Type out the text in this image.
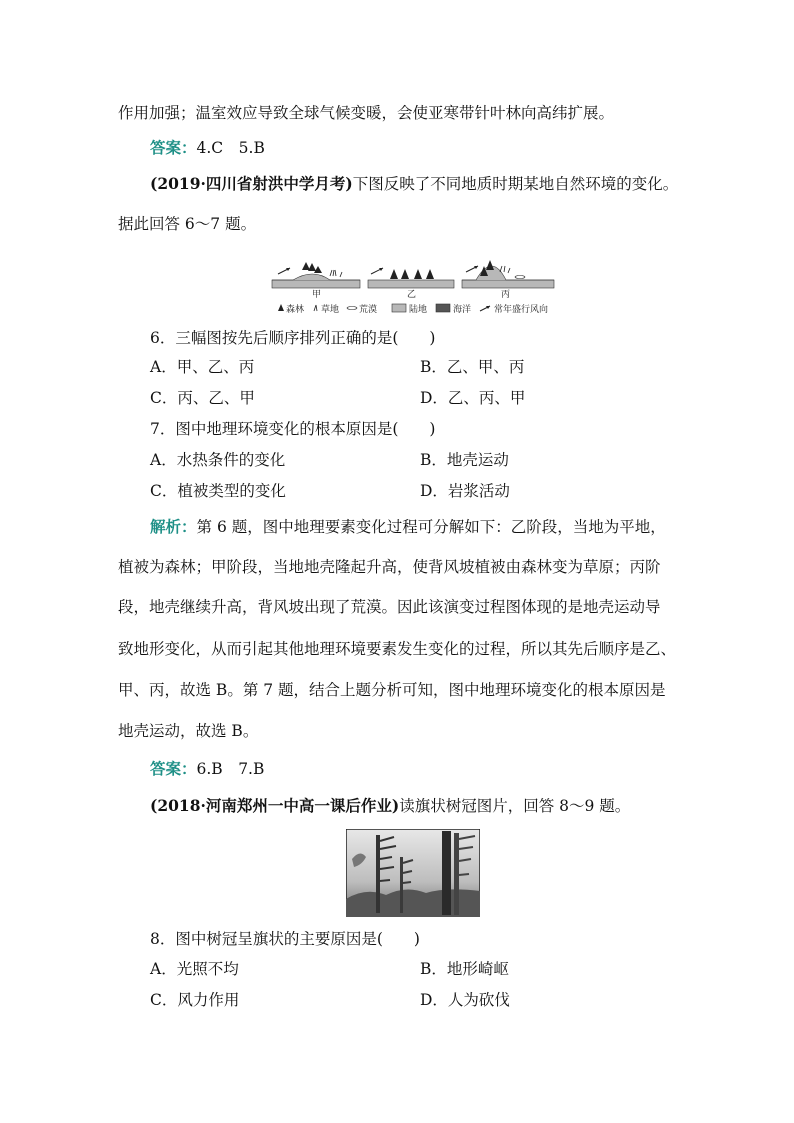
作用加强；温室效应导致全球气候变暖，会使亚寒带针叶林向高纬扩展。
答案：4.C　5.B
(2019·四川省射洪中学月考)下图反映了不同地质时期某地自然环境的变化。
据此回答 6～7 题。
甲	乙	丙
森林 草地 荒漠	陆地	海洋	常年盛行风向
6．三幅图按先后顺序排列正确的是(　　)
A．甲、乙、丙	B．乙、甲、丙
C．丙、乙、甲	D．乙、丙、甲
7．图中地理环境变化的根本原因是(　　)
A．水热条件的变化	B．地壳运动
C．植被类型的变化	D．岩浆活动
解析：第 6 题，图中地理要素变化过程可分解如下：乙阶段，当地为平地，
植被为森林；甲阶段，当地地壳隆起升高，使背风坡植被由森林变为草原；丙阶
段，地壳继续升高，背风坡出现了荒漠。因此该演变过程图体现的是地壳运动导
致地形变化，从而引起其他地理环境要素发生变化的过程，所以其先后顺序是乙、
甲、丙，故选 B。第 7 题，结合上题分析可知，图中地理环境变化的根本原因是
地壳运动，故选 B。
答案：6.B　7.B
(2018·河南郑州一中高一课后作业)读旗状树冠图片，回答 8～9 题。
8．图中树冠呈旗状的主要原因是(　　)
A．光照不均	B．地形崎岖
C．风力作用	D．人为砍伐
